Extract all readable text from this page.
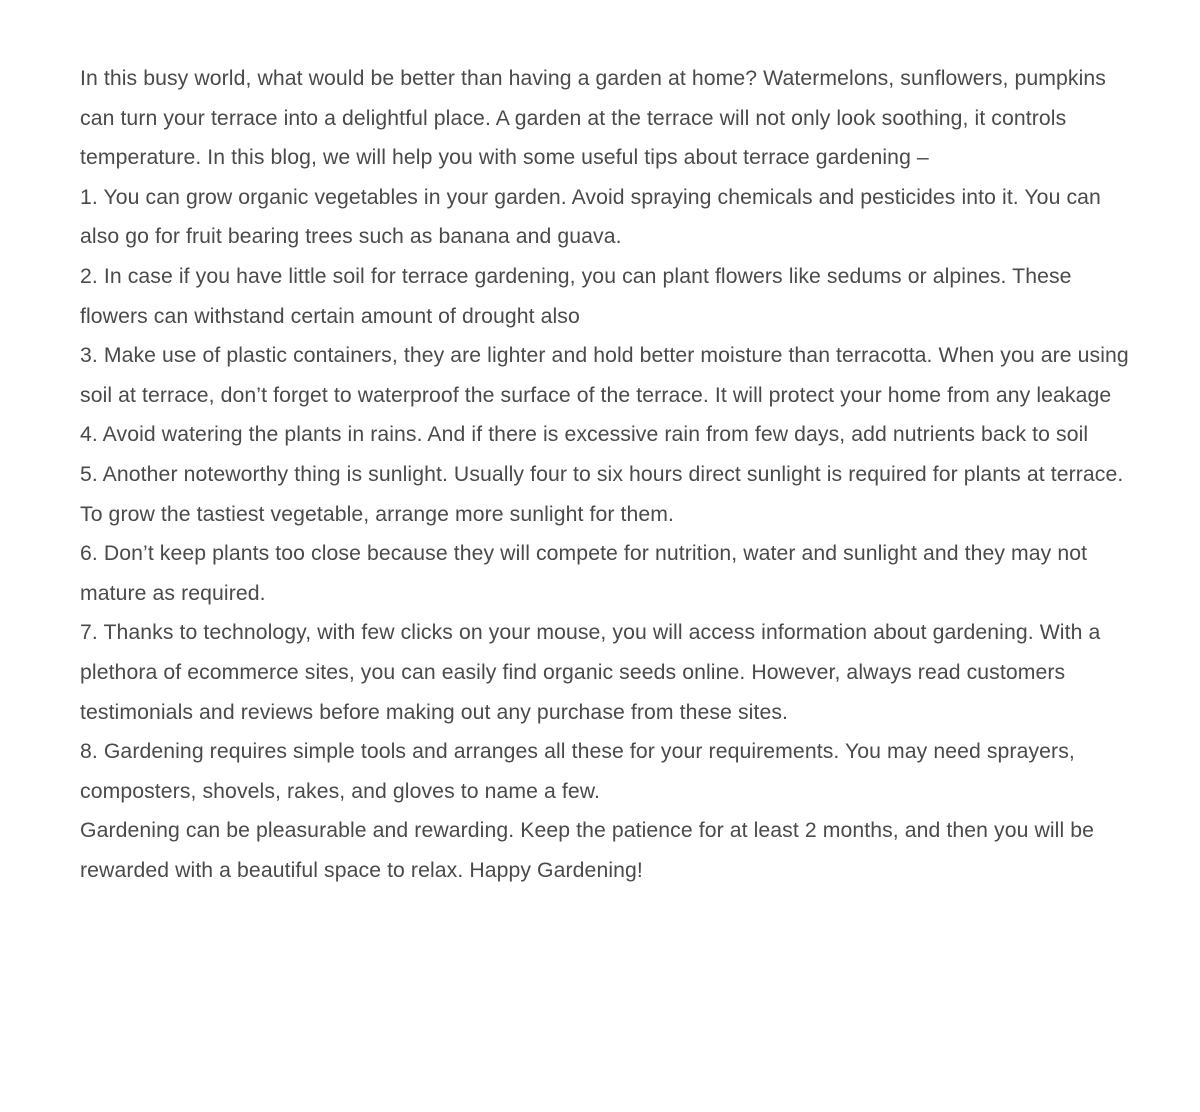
In this busy world, what would be better than having a garden at home? Watermelons, sunflowers, pumpkins can turn your terrace into a delightful place. A garden at the terrace will not only look soothing, it controls temperature. In this blog, we will help you with some useful tips about terrace gardening –

1. You can grow organic vegetables in your garden. Avoid spraying chemicals and pesticides into it. You can also go for fruit bearing trees such as banana and guava.

2. In case if you have little soil for terrace gardening, you can plant flowers like sedums or alpines. These flowers can withstand certain amount of drought also

3. Make use of plastic containers, they are lighter and hold better moisture than terracotta. When you are using soil at terrace, don’t forget to waterproof the surface of the terrace. It will protect your home from any leakage

4. Avoid watering the plants in rains. And if there is excessive rain from few days, add nutrients back to soil

5. Another noteworthy thing is sunlight. Usually four to six hours direct sunlight is required for plants at terrace. To grow the tastiest vegetable, arrange more sunlight for them.

6. Don’t keep plants too close because they will compete for nutrition, water and sunlight and they may not mature as required.

7. Thanks to technology, with few clicks on your mouse, you will access information about gardening. With a plethora of ecommerce sites, you can easily find organic seeds online. However, always read customers testimonials and reviews before making out any purchase from these sites.

8. Gardening requires simple tools and arranges all these for your requirements. You may need sprayers, composters, shovels, rakes, and gloves to name a few.

Gardening can be pleasurable and rewarding. Keep the patience for at least 2 months, and then you will be rewarded with a beautiful space to relax. Happy Gardening!
